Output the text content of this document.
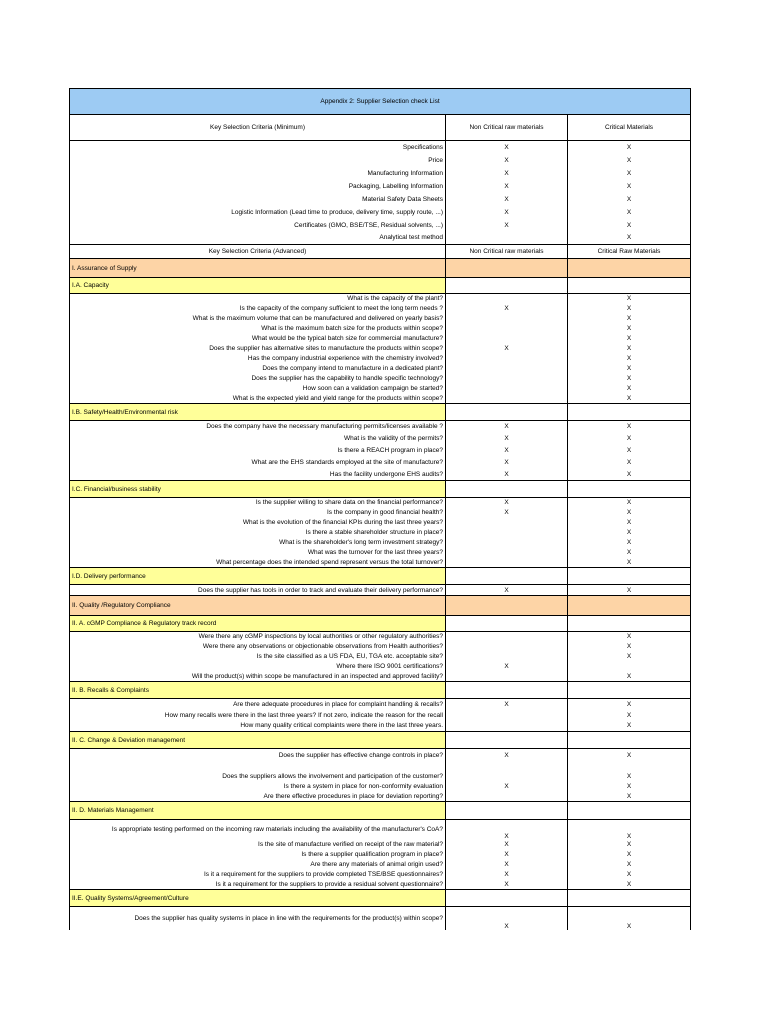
Appendix 2: Supplier Selection check List		
Key Selection Criteria (Minimum)	Non Critical raw materials	Critical Materials
Specifications	X	X
Price	X	X
Manufacturing Information	X	X
Packaging, Labelling Information	X	X
Material Safety Data Sheets	X	X
Logistic Information (Lead time to produce, delivery time, supply route, ...)	X	X
Certificates (GMO, BSE/TSE, Residual solvents, ...)	X	X
Analytical test method		X
Key Selection Criteria (Advanced)	Non Critical raw materials	Critical Raw Materials
I. Assurance of Supply		
I.A. Capacity		
What is the capacity of the plant?		X
Is the capacity of the company sufficient to meet the long term needs ?	X	X
What is the maximum volume that can be manufactured and delivered on yearly basis?		X
What is the maximum batch size for the products within scope?		X
What would be the typical batch size for commercial manufacture?		X
Does the supplier has alternative sites to manufacture the products within scope?	X	X
Has the company industrial experience with the chemistry involved?		X
Does the company intend to manufacture in a dedicated plant?		X
Does the supplier has the capability to handle specific technology?		X
How soon can a validation campaign be started?		X
What is the expected yield and yield range for the products within scope?		X
I.B. Safety/Health/Environmental risk		
Does the company have the necessary manufacturing permits/licenses available ?	X	X
What is the validity of the permits?	X	X
Is there a REACH program in place?	X	X
What are the EHS standards employed at the site of manufacture?	X	X
Has the facility undergone EHS audits?	X	X
I.C. Financial/business stability		
Is the supplier willing to share data on the financial performance?	X	X
Is the company in good financial health?	X	X
What is the evolution of the financial KPIs during the last three years?		X
Is there a stable shareholder structure in place?		X
What is the shareholder's long term investment strategy?		X
What was the turnover for the last three years?		X
What percentage does the intended spend represent versus the total turnover?		X
I.D. Delivery performance		
Does the supplier has tools in order to track and evaluate their delivery performance?	X	X
II. Quality /Regulatory Compliance		
II. A. cGMP Compliance & Regulatory track record		
Were there any cGMP inspections by local authorities or other regulatory authorities?		X
Were there any observations or objectionable observations from Health authorities?		X
Is the site classified as a US FDA, EU, TGA etc. acceptable site?		X
Where there ISO 9001 certifications?	X	
Will the product(s) within scope be manufactured in an inspected and approved facility?		X
II. B. Recalls & Complaints		
Are there adequate procedures in place for complaint handling & recalls?	X	X
How many recalls were there in the last three years? If not zero, indicate the reason for the recall		X
How many quality critical complaints were there in the last three years.		X
II. C. Change & Deviation management		
Does the supplier has effective change controls in place?	X	X

Does the suppliers allows the involvement and participation of the customer?		X
Is there a system in place for non-conformity evaluation	X	X
Are there effective procedures in place for deviation reporting?		X
II. D. Materials Management		
Is appropriate testing performed on the incoming raw materials including the availability of the manufacturer's CoA?	X	X
Is the site of manufacture verified on receipt of the raw material?	X	X
Is there a supplier qualification program in place?	X	X
Are there any materials of animal origin used?	X	X
Is it a requirement for the suppliers to provide completed TSE/BSE questionnaires?	X	X
Is it a requirement for the suppliers to provide a residual solvent questionnaire?	X	X
II.E. Quality Systems/Agreement/Culture		
Does the supplier has quality systems in place in line with the requirements for the product(s) within scope?	X	X
